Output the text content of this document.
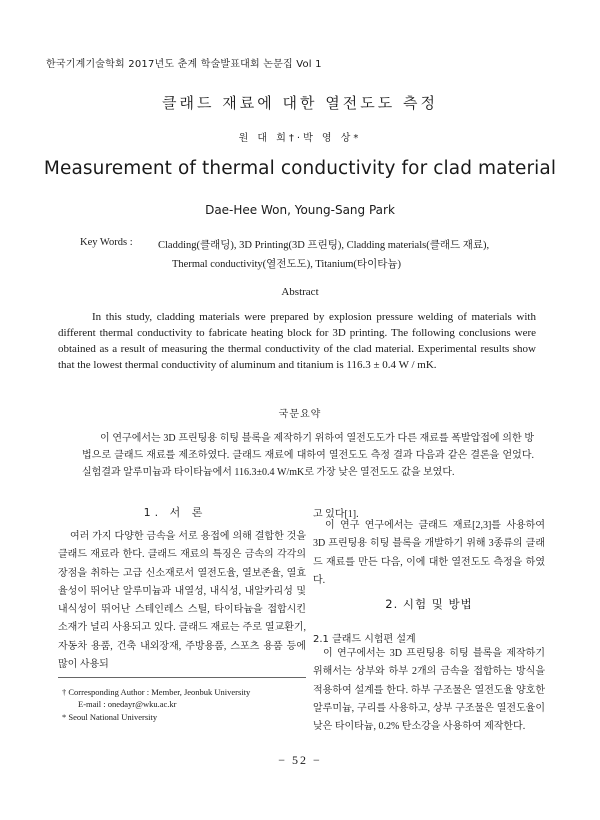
한국기계기술학회 2017년도 춘계 학술발표대회 논문집 Vol 1
클래드 재료에 대한 열전도도 측정
원 대 희†·박 영 상*
Measurement of thermal conductivity for clad material
Dae-Hee Won, Young-Sang Park
Key Words : Cladding(클래딩), 3D Printing(3D 프린팅), Cladding materials(클래드 재료),
Thermal conductivity(열전도도), Titanium(타이타늄)
Abstract
In this study, cladding materials were prepared by explosion pressure welding of materials with different thermal conductivity to fabricate heating block for 3D printing. The following conclusions were obtained as a result of measuring the thermal conductivity of the clad material. Experimental results show that the lowest thermal conductivity of aluminum and titanium is 116.3 ± 0.4 W / mK.
국문요약
이 연구에서는 3D 프린팅용 히팅 블록을 제작하기 위하여 열전도도가 다른 재료를 폭발압접에 의한 방법으로 클래드 재료를 제조하였다. 클래드 재료에 대하여 열전도도 측정 결과 다음과 같은 결론을 얻었다. 실험결과 알루미늄과 타이타늄에서 116.3±0.4 W/mK로 가장 낮은 열전도도 값을 보였다.
1. 서 론
여러 가지 다양한 금속을 서로 용접에 의해 결합한 것을 클래드 재료라 한다. 클래드 재료의 특징은 금속의 각각의 장점을 취하는 고급 신소재로서 열전도율, 열보존율, 열효율성이 뛰어난 알루미늄과 내열성, 내식성, 내알카리성 및 내식성이 뛰어난 스테인레스 스틸, 타이타늄을 접합시킨 소재가 널리 사용되고 있다. 클래드 재료는 주로 열교환기, 자동차 용품, 건축 내외장재, 주방용품, 스포츠 용품 등에 많이 사용되
† Corresponding Author : Member, Jeonbuk University
E-mail : onedayr@wku.ac.kr
* Seoul National University
고 있다[1].
이 연구 연구에서는 클래드 재료[2,3]를 사용하여 3D 프린팅용 히팅 블록을 개발하기 위해 3종류의 클래드 재료를 만든 다음, 이에 대한 열전도도 측정을 하였다.
2. 시험 및 방법
2.1 클래드 시험편 설계
이 연구에서는 3D 프린팅용 히팅 블록을 제작하기 위해서는 상부와 하부 2개의 금속을 접합하는 방식을 적용하여 설계를 한다. 하부 구조물은 열전도율 양호한 알루미늄, 구리를 사용하고, 상부 구조물은 열전도율이 낮은 타이타늄, 0.2% 탄소강을 사용하여 제작한다.
− 52 −
